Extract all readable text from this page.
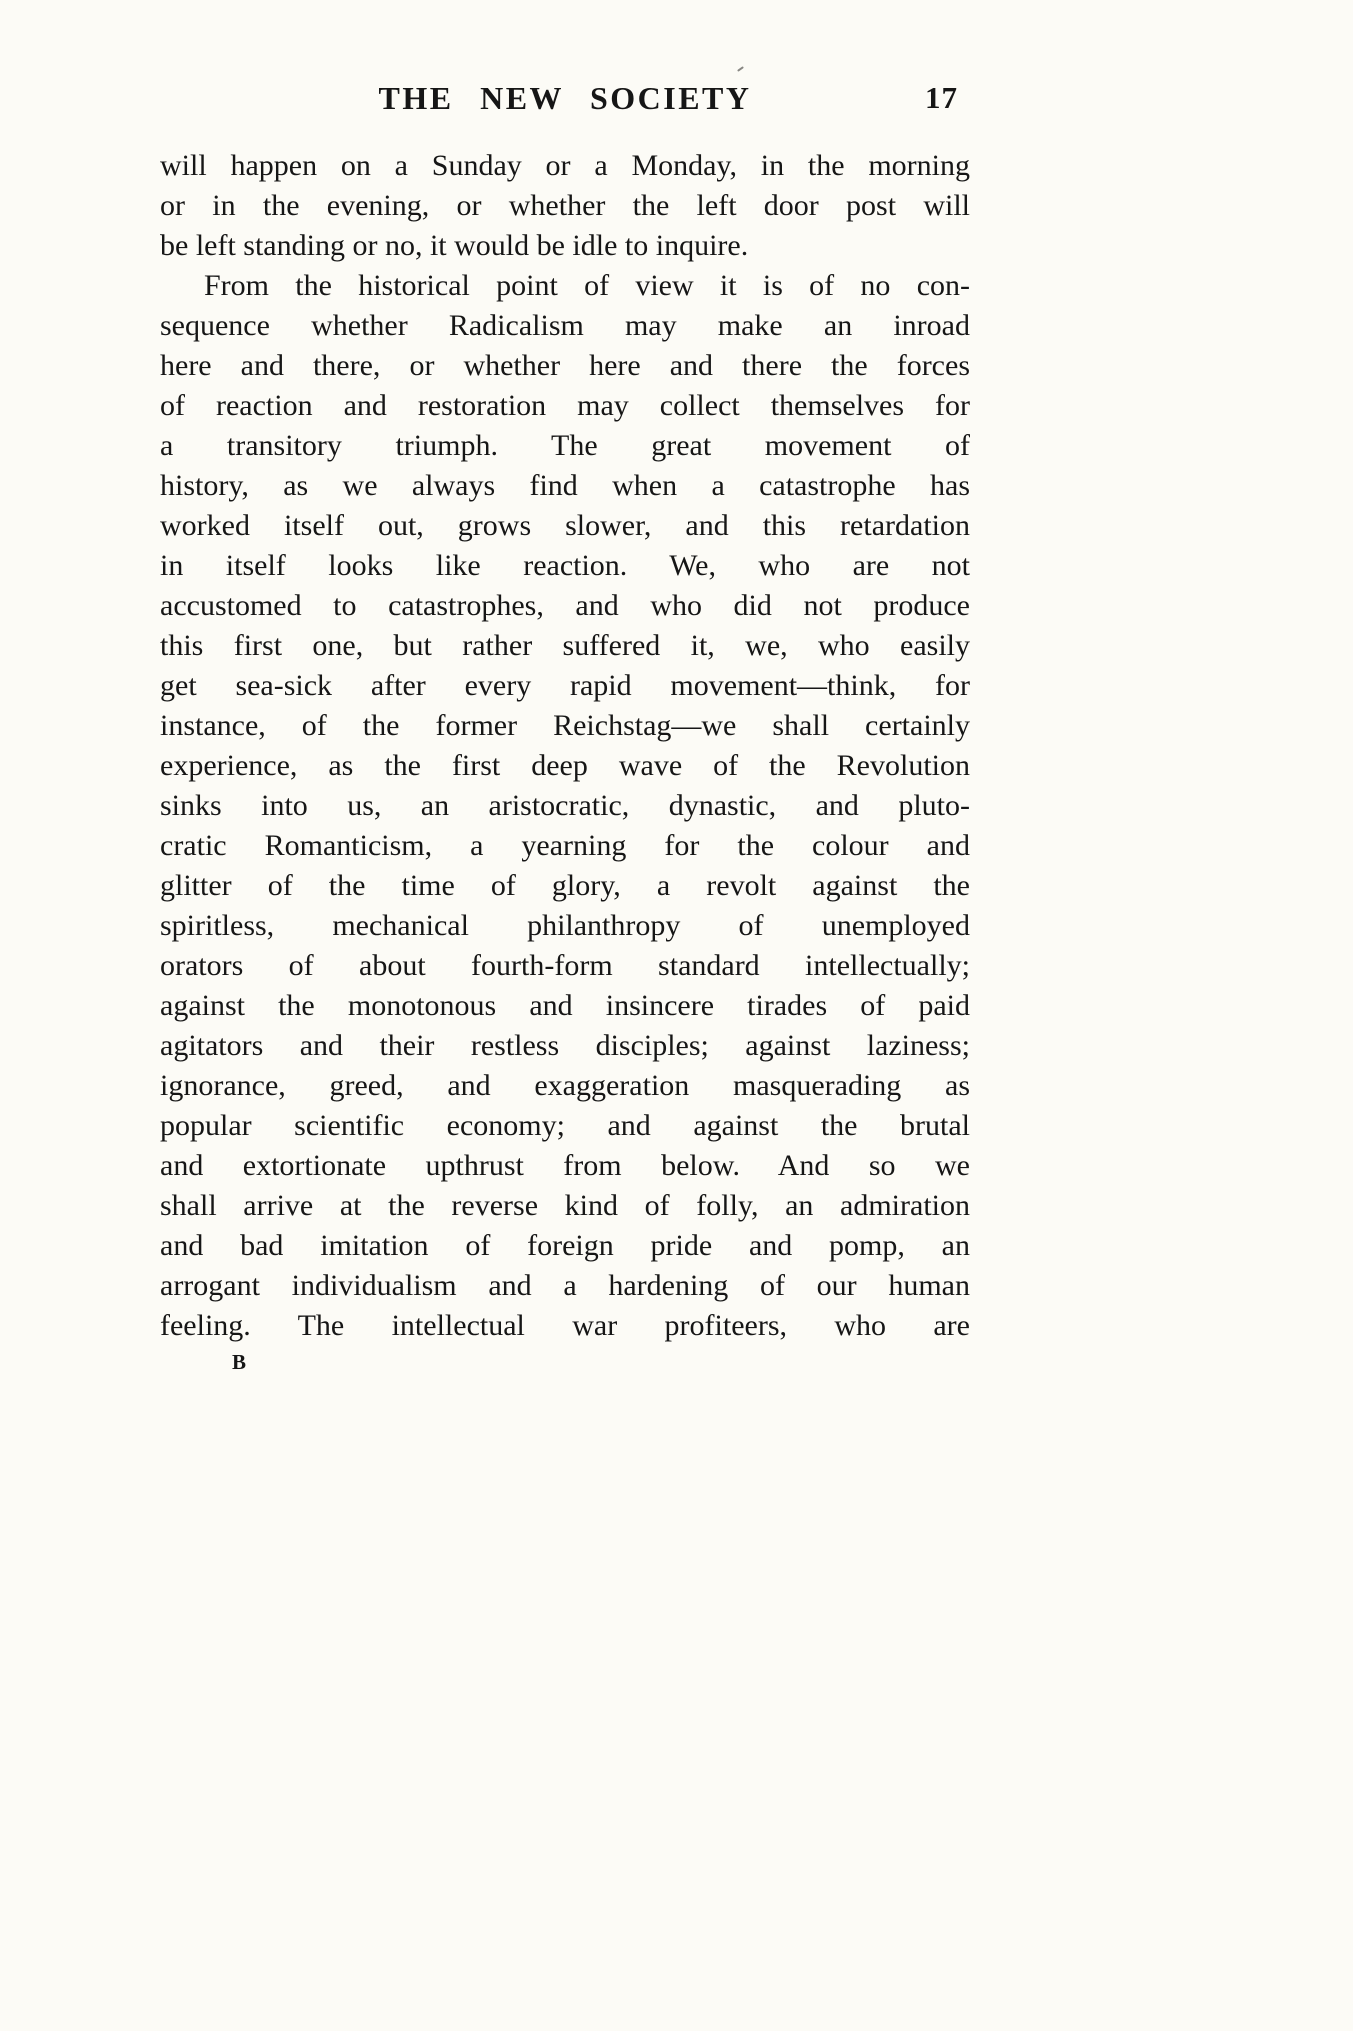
THE NEW SOCIETY	17
will happen on a Sunday or a Monday, in the morning
or in the evening, or whether the left door post will
be left standing or no, it would be idle to inquire.
From the historical point of view it is of no con-
sequence whether Radicalism may make an inroad
here and there, or whether here and there the forces
of reaction and restoration may collect themselves for
a transitory triumph. The great movement of
history, as we always find when a catastrophe has
worked itself out, grows slower, and this retardation
in itself looks like reaction. We, who are not
accustomed to catastrophes, and who did not produce
this first one, but rather suffered it, we, who easily
get sea-sick after every rapid movement—think, for
instance, of the former Reichstag—we shall certainly
experience, as the first deep wave of the Revolution
sinks into us, an aristocratic, dynastic, and pluto-
cratic Romanticism, a yearning for the colour and
glitter of the time of glory, a revolt against the
spiritless, mechanical philanthropy of unemployed
orators of about fourth-form standard intellectually;
against the monotonous and insincere tirades of paid
agitators and their restless disciples; against laziness;
ignorance, greed, and exaggeration masquerading as
popular scientific economy; and against the brutal
and extortionate upthrust from below. And so we
shall arrive at the reverse kind of folly, an admiration
and bad imitation of foreign pride and pomp, an
arrogant individualism and a hardening of our human
feeling. The intellectual war profiteers, who are
B
